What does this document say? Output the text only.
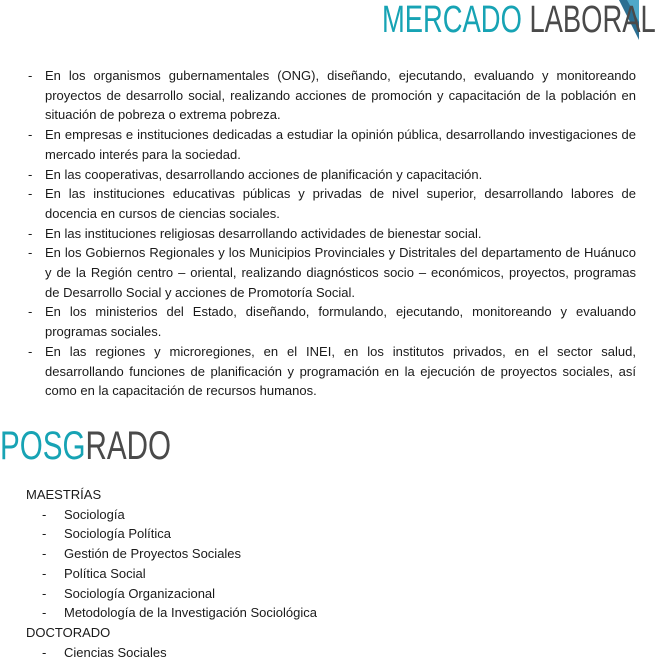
MERCADO LABORAL
- En los organismos gubernamentales (ONG), diseñando, ejecutando, evaluando y monitoreando proyectos de desarrollo social, realizando acciones de promoción y capacitación de la población en situación de pobreza o extrema pobreza.
- En empresas e instituciones dedicadas a estudiar la opinión pública, desarrollando investigaciones de mercado interés para la sociedad.
- En las cooperativas, desarrollando acciones de planificación y capacitación.
- En las instituciones educativas públicas y privadas de nivel superior, desarrollando labores de docencia en cursos de ciencias sociales.
- En las instituciones religiosas desarrollando actividades de bienestar social.
- En los Gobiernos Regionales y los Municipios Provinciales y Distritales del departamento de Huánuco y de la Región centro – oriental, realizando diagnósticos socio – económicos, proyectos, programas de Desarrollo Social y acciones de Promotoría Social.
- En los ministerios del Estado, diseñando, formulando, ejecutando, monitoreando y evaluando programas sociales.
- En las regiones y microregiones, en el INEI, en los institutos privados, en el sector salud, desarrollando funciones de planificación y programación en la ejecución de proyectos sociales, así como en la capacitación de recursos humanos.
POSGRADO
MAESTRÍAS
- Sociología
- Sociología Política
- Gestión de Proyectos Sociales
- Política Social
- Sociología Organizacional
- Metodología de la Investigación Sociológica
DOCTORADO
- Ciencias Sociales
